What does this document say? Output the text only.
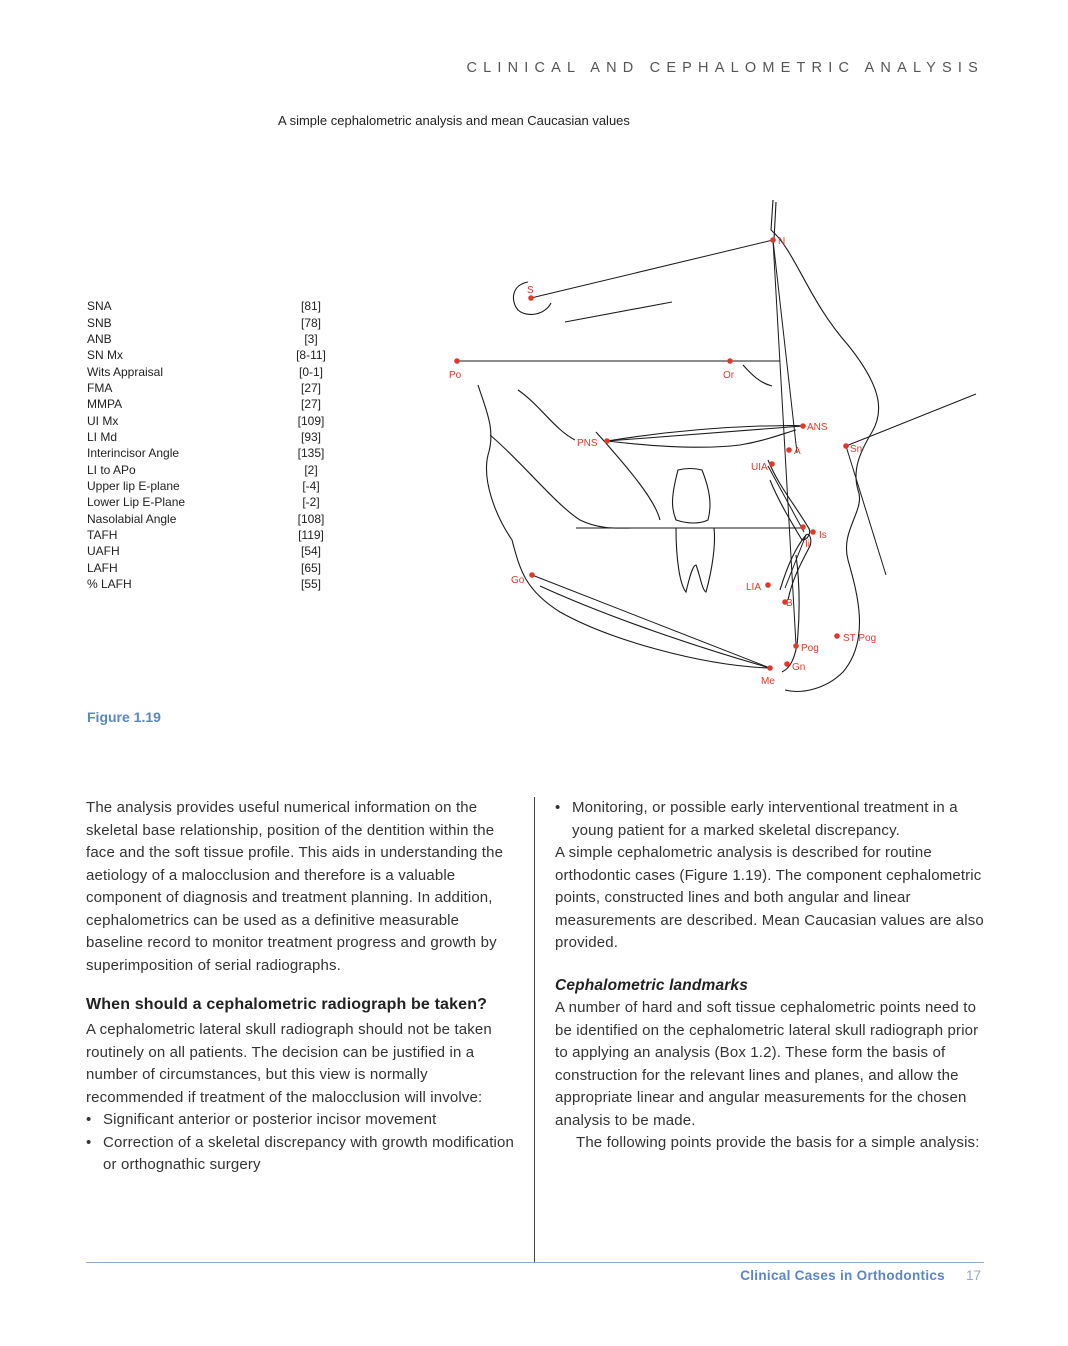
CLINICAL AND CEPHALOMETRIC ANALYSIS
A simple cephalometric analysis and mean Caucasian values
SNA	[81]
SNB	[78]
ANB	[3]
SN Mx	[8-11]
Wits Appraisal	[0-1]
FMA	[27]
MMPA	[27]
UI Mx	[109]
LI Md	[93]
Interincisor Angle	[135]
LI to APo	[2]
Upper lip E-plane	[-4]
Lower Lip E-Plane	[-2]
Nasolabial Angle	[108]
TAFH	[119]
UAFH	[54]
LAFH	[65]
% LAFH	[55]
N
S
Po	Or
PNS
ANS
A	Sn
UIA
Is
Ii
Go
LIA
B
ST Pog
Pog
Gn
Me
Figure 1.19

The analysis provides useful numerical information on the skeletal base relationship, position of the dentition within the face and the soft tissue profile. This aids in understanding the aetiology of a malocclusion and therefore is a valuable component of diagnosis and treatment planning. In addition, cephalometrics can be used as a definitive measurable baseline record to monitor treatment progress and growth by superimposition of serial radiographs.

When should a cephalometric radiograph be taken?

A cephalometric lateral skull radiograph should not be taken routinely on all patients. The decision can be justified in a number of circumstances, but this view is normally recommended if treatment of the malocclusion will involve:

• Significant anterior or posterior incisor movement
• Correction of a skeletal discrepancy with growth modification or orthognathic surgery
• Monitoring, or possible early interventional treatment in a young patient for a marked skeletal discrepancy.

A simple cephalometric analysis is described for routine orthodontic cases (Figure 1.19). The component cephalometric points, constructed lines and both angular and linear measurements are described. Mean Caucasian values are also provided.

Cephalometric landmarks

A number of hard and soft tissue cephalometric points need to be identified on the cephalometric lateral skull radiograph prior to applying an analysis (Box 1.2). These form the basis of construction for the relevant lines and planes, and allow the appropriate linear and angular measurements for the chosen analysis to be made.

The following points provide the basis for a simple analysis:

Clinical Cases in Orthodontics 17
